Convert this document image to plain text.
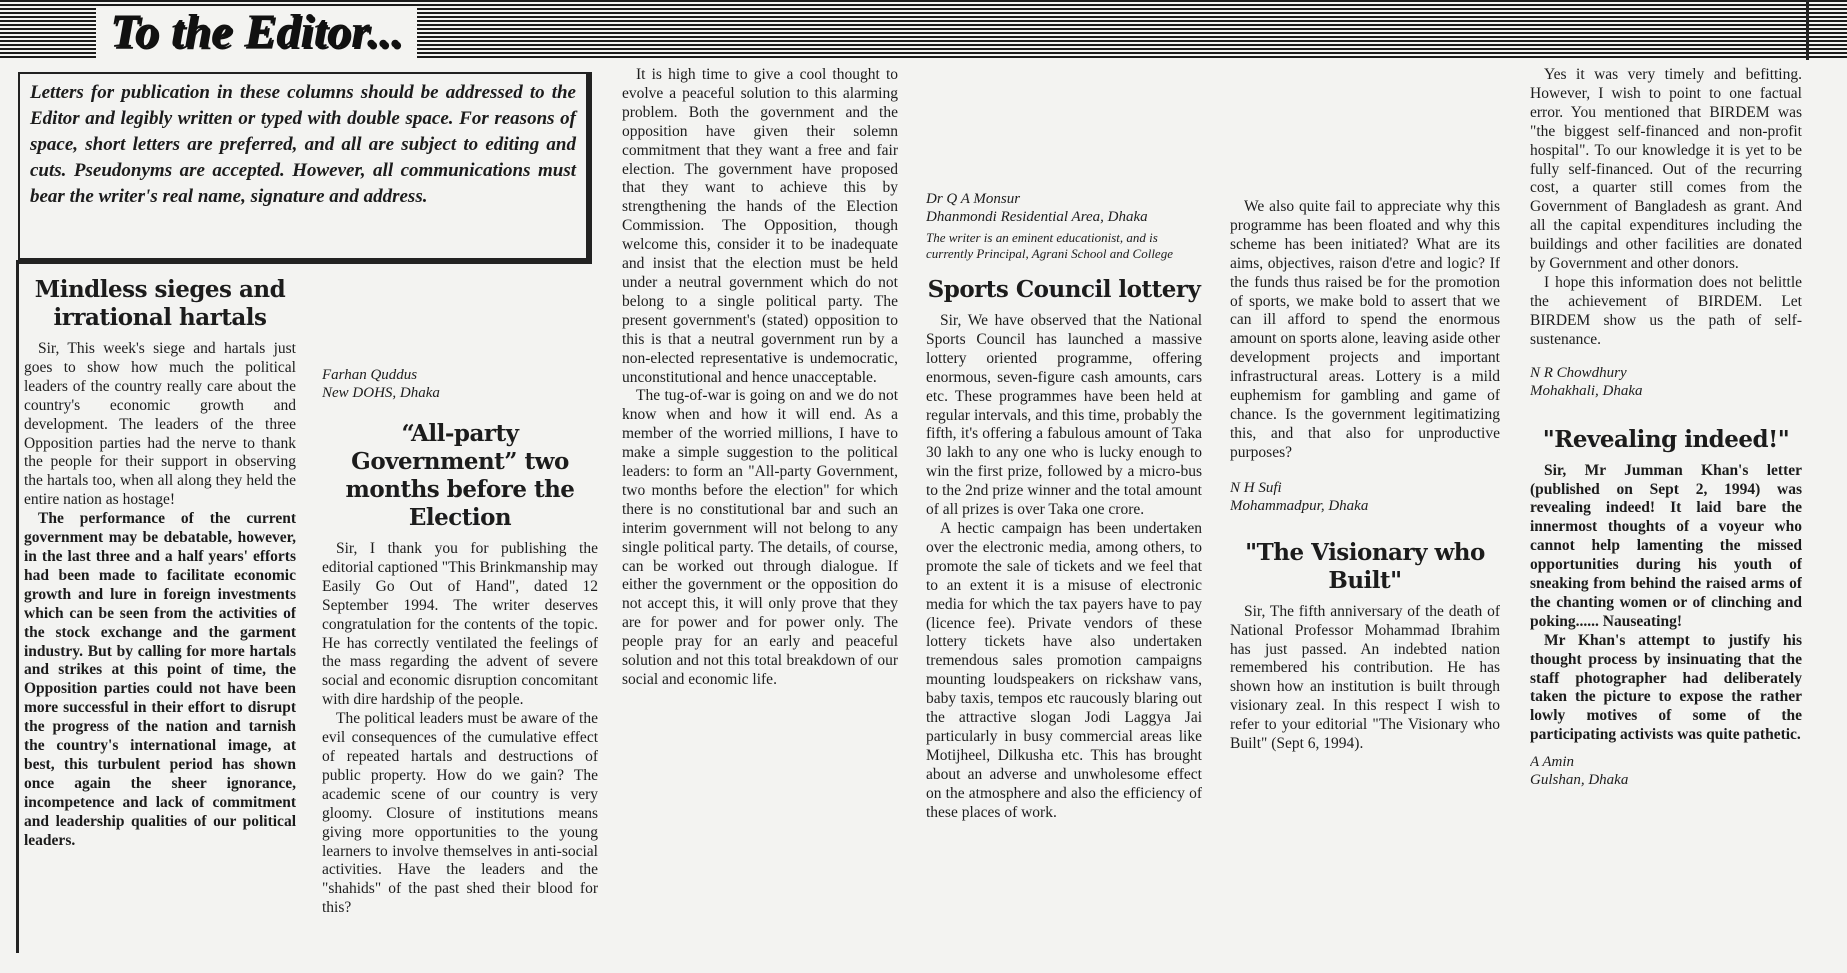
To the Editor...
Letters for publication in these columns should be addressed to the Editor and legibly written or typed with double space. For reasons of space, short letters are preferred, and all are subject to editing and cuts. Pseudonyms are accepted. However, all communications must bear the writer's real name, signature and address.
Mindless sieges and irrational hartals

Sir, This week's siege and hartals just goes to show how much the political leaders of the country really care about the country's economic growth and development. The leaders of the three Opposition parties had the nerve to thank the people for their support in observing the hartals too, when all along they held the entire nation as hostage!

The performance of the current government may be debatable, however, in the last three and a half years' efforts had been made to facilitate economic growth and lure in foreign investments which can be seen from the activities of the stock exchange and the garment industry. But by calling for more hartals and strikes at this point of time, the Opposition parties could not have been more successful in their effort to disrupt the progress of the nation and tarnish the country's international image, at best, this turbulent period has shown once again the sheer ignorance, incompetence and lack of commitment and leadership qualities of our political leaders.

Farhan Quddus
New DOHS, Dhaka
“All-party Government” two months before the Election

Sir, I thank you for publishing the editorial captioned "This Brinkmanship may Easily Go Out of Hand", dated 12 September 1994. The writer deserves congratulation for the contents of the topic. He has correctly ventilated the feelings of the mass regarding the advent of severe social and economic disruption concomitant with dire hardship of the people.

The political leaders must be aware of the evil consequences of the cumulative effect of repeated hartals and destructions of public property. How do we gain? The academic scene of our country is very gloomy. Closure of institutions means giving more opportunities to the young learners to involve themselves in anti-social activities. Have the leaders and the "shahids" of the past shed their blood for this?

It is high time to give a cool thought to evolve a peaceful solution to this alarming problem. Both the government and the opposition have given their solemn commitment that they want a free and fair election. The government have proposed that they want to achieve this by strengthening the hands of the Election Commission. The Opposition, though welcome this, consider it to be inadequate and insist that the election must be held under a neutral government which do not belong to a single political party. The present government's (stated) opposition to this is that a neutral government run by a non-elected representative is undemocratic, unconstitutional and hence unacceptable.

The tug-of-war is going on and we do not know when and how it will end. As a member of the worried millions, I have to make a simple suggestion to the political leaders: to form an "All-party Government, two months before the election" for which there is no constitutional bar and such an interim government will not belong to any single political party. The details, of course, can be worked out through dialogue. If either the government or the opposition do not accept this, it will only prove that they are for power and for power only. The people pray for an early and peaceful solution and not this total breakdown of our social and economic life.

Dr Q A Monsur
Dhanmondi Residential Area, Dhaka
The writer is an eminent educationist, and is currently Principal, Agrani School and College
Sports Council lottery

Sir, We have observed that the National Sports Council has launched a massive lottery oriented programme, offering enormous, seven-figure cash amounts, cars etc. These programmes have been held at regular intervals, and this time, probably the fifth, it's offering a fabulous amount of Taka 30 lakh to any one who is lucky enough to win the first prize, followed by a micro-bus to the 2nd prize winner and the total amount of all prizes is over Taka one crore.

A hectic campaign has been undertaken over the electronic media, among others, to promote the sale of tickets and we feel that to an extent it is a misuse of electronic media for which the tax payers have to pay (licence fee). Private vendors of these lottery tickets have also undertaken tremendous sales promotion campaigns mounting loudspeakers on rickshaw vans, baby taxis, tempos etc raucously blaring out the attractive slogan Jodi Laggya Jai particularly in busy commercial areas like Motijheel, Dilkusha etc. This has brought about an adverse and unwholesome effect on the atmosphere and also the efficiency of these places of work.

We also quite fail to appreciate why this programme has been floated and why this scheme has been initiated? What are its aims, objectives, raison d'etre and logic? If the funds thus raised be for the promotion of sports, we make bold to assert that we can ill afford to spend the enormous amount on sports alone, leaving aside other development projects and important infrastructural areas. Lottery is a mild euphemism for gambling and game of chance. Is the government legitimatizing this, and that also for unproductive purposes?

N H Sufi
Mohammadpur, Dhaka
"The Visionary who Built"

Sir, The fifth anniversary of the death of National Professor Mohammad Ibrahim has just passed. An indebted nation remembered his contribution. He has shown how an institution is built through visionary zeal. In this respect I wish to refer to your editorial "The Visionary who Built" (Sept 6, 1994).

Yes it was very timely and befitting. However, I wish to point to one factual error. You mentioned that BIRDEM was "the biggest self-financed and non-profit hospital". To our knowledge it is yet to be fully self-financed. Out of the recurring cost, a quarter still comes from the Government of Bangladesh as grant. And all the capital expenditures including the buildings and other facilities are donated by Government and other donors.

I hope this information does not belittle the achievement of BIRDEM. Let BIRDEM show us the path of self-sustenance.

N R Chowdhury
Mohakhali, Dhaka
"Revealing indeed!"

Sir, Mr Jumman Khan's letter (published on Sept 2, 1994) was revealing indeed! It laid bare the innermost thoughts of a voyeur who cannot help lamenting the missed opportunities during his youth of sneaking from behind the raised arms of the chanting women or of clinching and poking...... Nauseating!

Mr Khan's attempt to justify his thought process by insinuating that the staff photographer had deliberately taken the picture to expose the rather lowly motives of some of the participating activists was quite pathetic.

A Amin
Gulshan, Dhaka
